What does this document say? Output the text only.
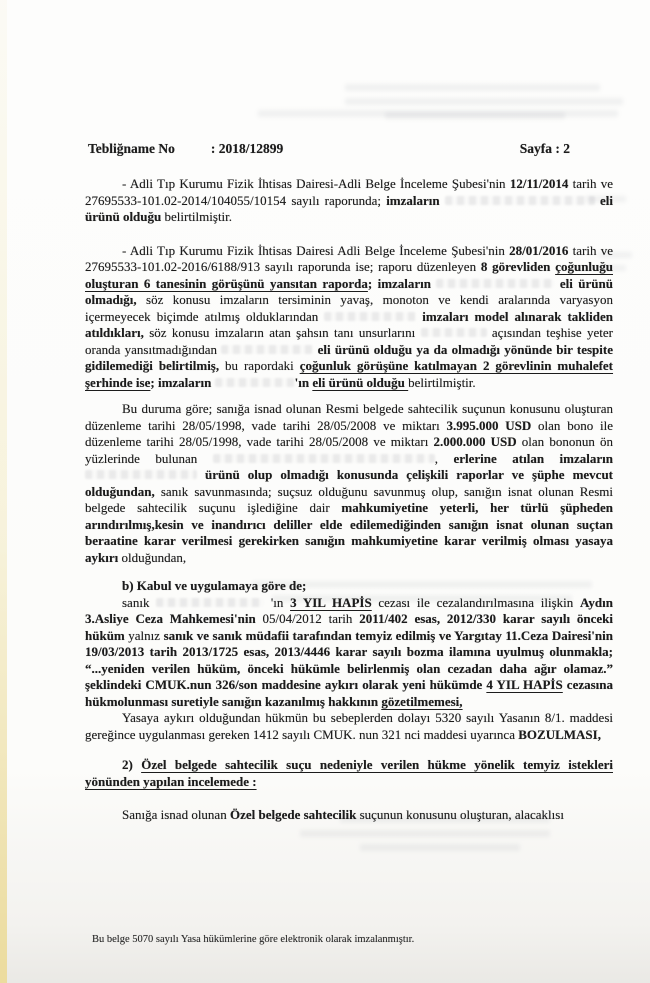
Tebliğname No	: 2018/12899	Sayfa : 2

- Adli Tıp Kurumu Fizik İhtisas Dairesi-Adli Belge İnceleme Şubesi'nin 12/11/2014 tarih ve 27695533-101.02-2014/104055/10154 sayılı raporunda; imzaların	eli ürünü olduğu belirtilmiştir.

- Adli Tıp Kurumu Fizik İhtisas Dairesi Adli Belge İnceleme Şubesi'nin 28/01/2016 tarih ve 27695533-101.02-2016/6188/913 sayılı raporunda ise; raporu düzenleyen 8 görevliden çoğunluğu oluşturan 6 tanesinin görüşünü yansıtan raporda; imzaların	eli ürünü olmadığı, söz konusu imzaların tersiminin yavaş, monoton ve kendi aralarında varyasyon içermeyecek biçimde atılmış olduklarından	imzaları model alınarak takliden atıldıkları, söz konusu imzaların atan şahsın tanı unsurlarını	açısından teşhise yeter oranda yansıtmadığından	eli ürünü olduğu ya da olmadığı yönünde bir tespite gidilemediği belirtilmiş, bu rapordaki çoğunluk görüşüne katılmayan 2 görevlinin muhalefet şerhinde ise; imzaların	'ın eli ürünü olduğu belirtilmiştir.

Bu duruma göre; sanığa isnad olunan Resmi belgede sahtecilik suçunun konusunu oluşturan düzenleme tarihi 28/05/1998, vade tarihi 28/05/2008 ve miktarı 3.995.000 USD olan bono ile düzenleme tarihi 28/05/1998, vade tarihi 28/05/2008 ve miktarı 2.000.000 USD olan bononun ön yüzlerinde bulunan	, erlerine atılan imzaların  ürünü olup olmadığı konusunda çelişkili raporlar ve şüphe mevcut olduğundan, sanık savunmasında; suçsuz olduğunu savunmuş olup, sanığın isnat olunan Resmi belgede sahtecilik suçunu işlediğine dair mahkumiyetine yeterli, her türlü şüpheden arındırılmış,kesin ve inandırıcı deliller elde edilemediğinden sanığın isnat olunan suçtan beraatine karar verilmesi gerekirken sanığın mahkumiyetine karar verilmiş olması yasaya aykırı olduğundan,

b) Kabul ve uygulamaya göre de;

sanık	'ın 3 YIL HAPİS cezası ile cezalandırılmasına ilişkin Aydın 3.Asliye Ceza Mahkemesi'nin 05/04/2012 tarih 2011/402 esas, 2012/330 karar sayılı önceki hüküm yalnız sanık ve sanık müdafii tarafından temyiz edilmiş ve Yargıtay 11.Ceza Dairesi'nin 19/03/2013 tarih 2013/1725 esas, 2013/4446 karar sayılı bozma ilamına uyulmuş olunmakla; “...yeniden verilen hüküm, önceki hükümle belirlenmiş olan cezadan daha ağır olamaz.” şeklindeki CMUK.nun 326/son maddesine aykırı olarak yeni hükümde 4 YIL HAPİS cezasına hükmolunması suretiyle sanığın kazanılmış hakkının gözetilmemesi,

Yasaya aykırı olduğundan hükmün bu sebeplerden dolayı 5320 sayılı Yasanın 8/1. maddesi gereğince uygulanması gereken 1412 sayılı CMUK. nun 321 nci maddesi uyarınca BOZULMASI,

2) Özel belgede sahtecilik suçu nedeniyle verilen hükme yönelik temyiz istekleri yönünden yapılan incelemede :

Sanığa isnad olunan Özel belgede sahtecilik suçunun konusunu oluşturan, alacaklısı

Bu belge 5070 sayılı Yasa hükümlerine göre elektronik olarak imzalanmıştır.
